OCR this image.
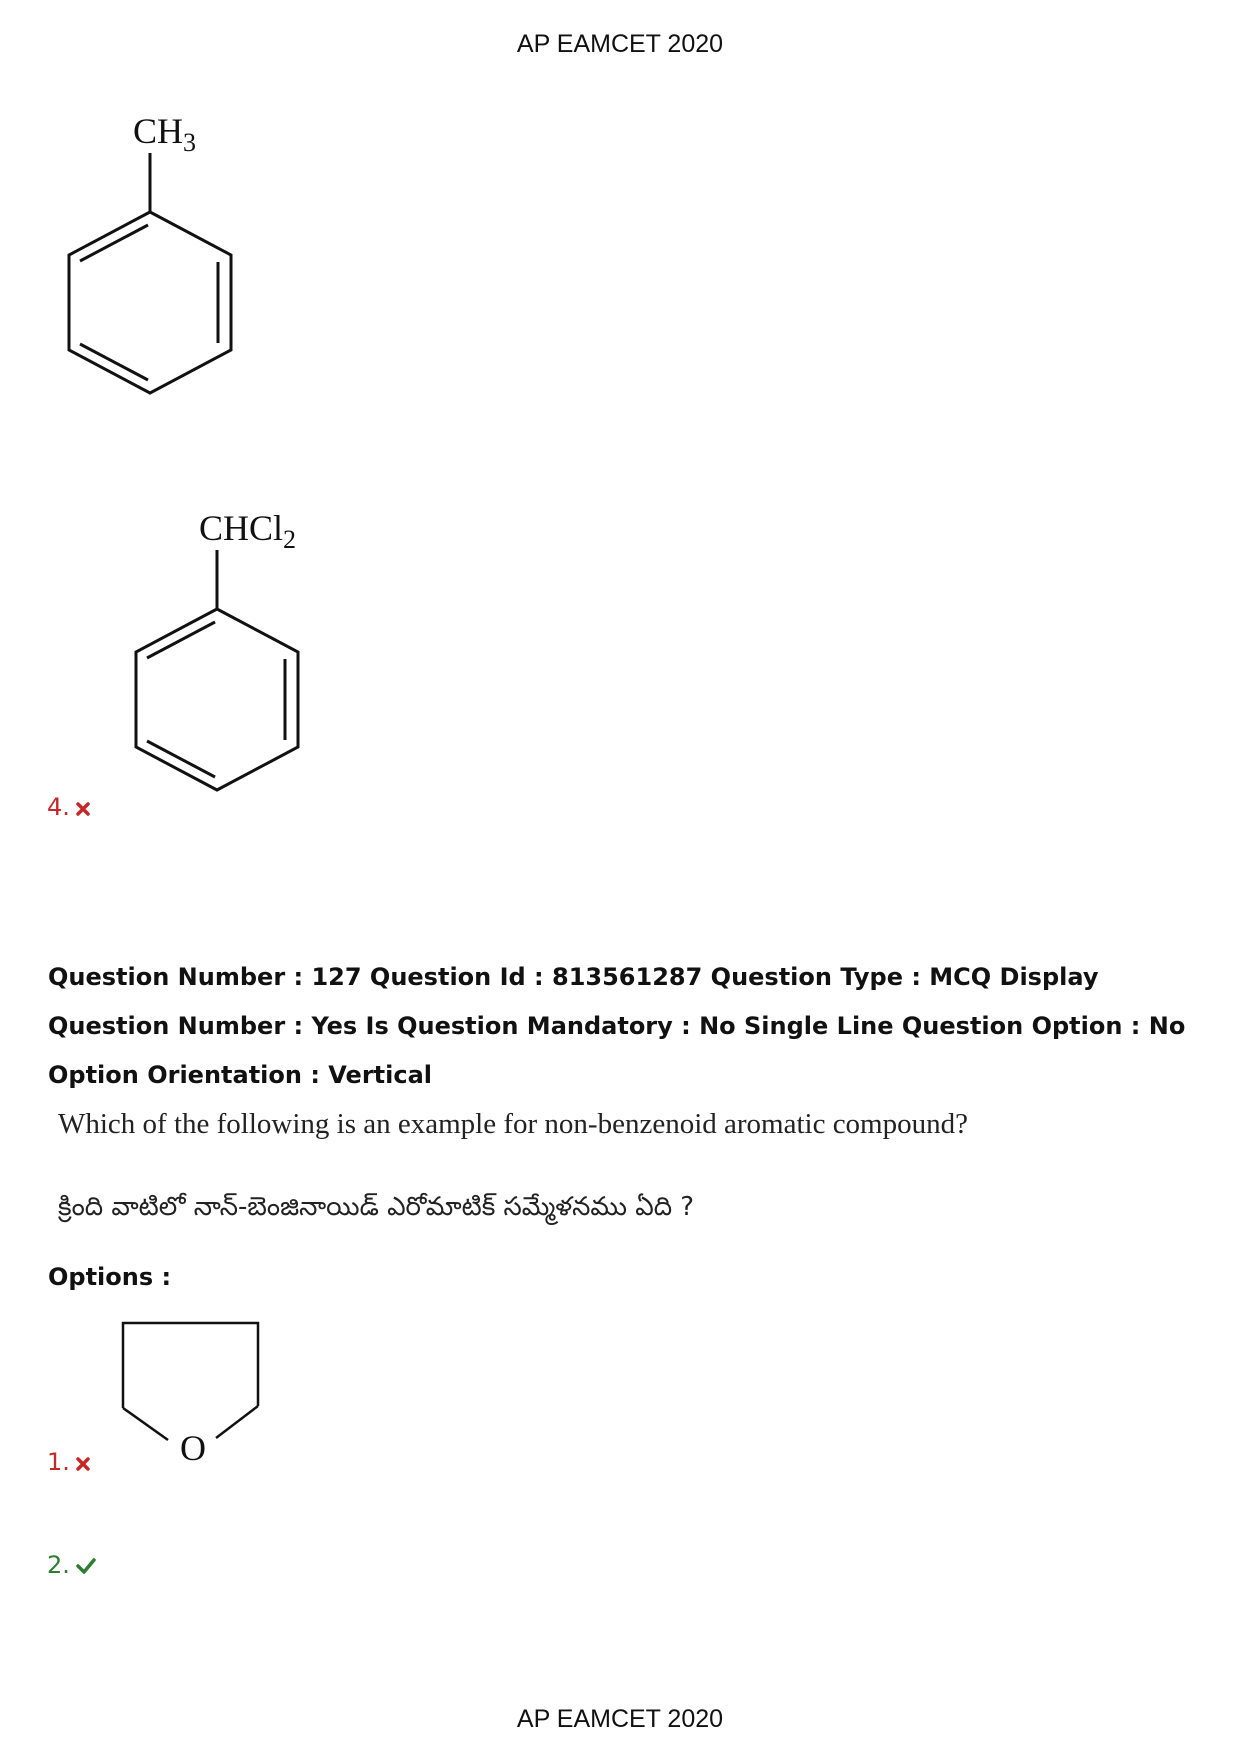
AP EAMCET 2020
$CH_3$
4.
CHCl$_2$
Question Number : 127 Question Id : 813561287 Question Type : MCQ Display Question Number : Yes Is Question Mandatory : No Single Line Question Option : No Option Orientation : Vertical
Which of the following is an example for non-benzenoid aromatic compound?
క్రింది వాటిలో నాన్-బెంజినాయిడ్ ఎరోమాటిక్ సమ్మేళనము ఏది ?
Options :
1.	O
2.
AP EAMCET 2020
